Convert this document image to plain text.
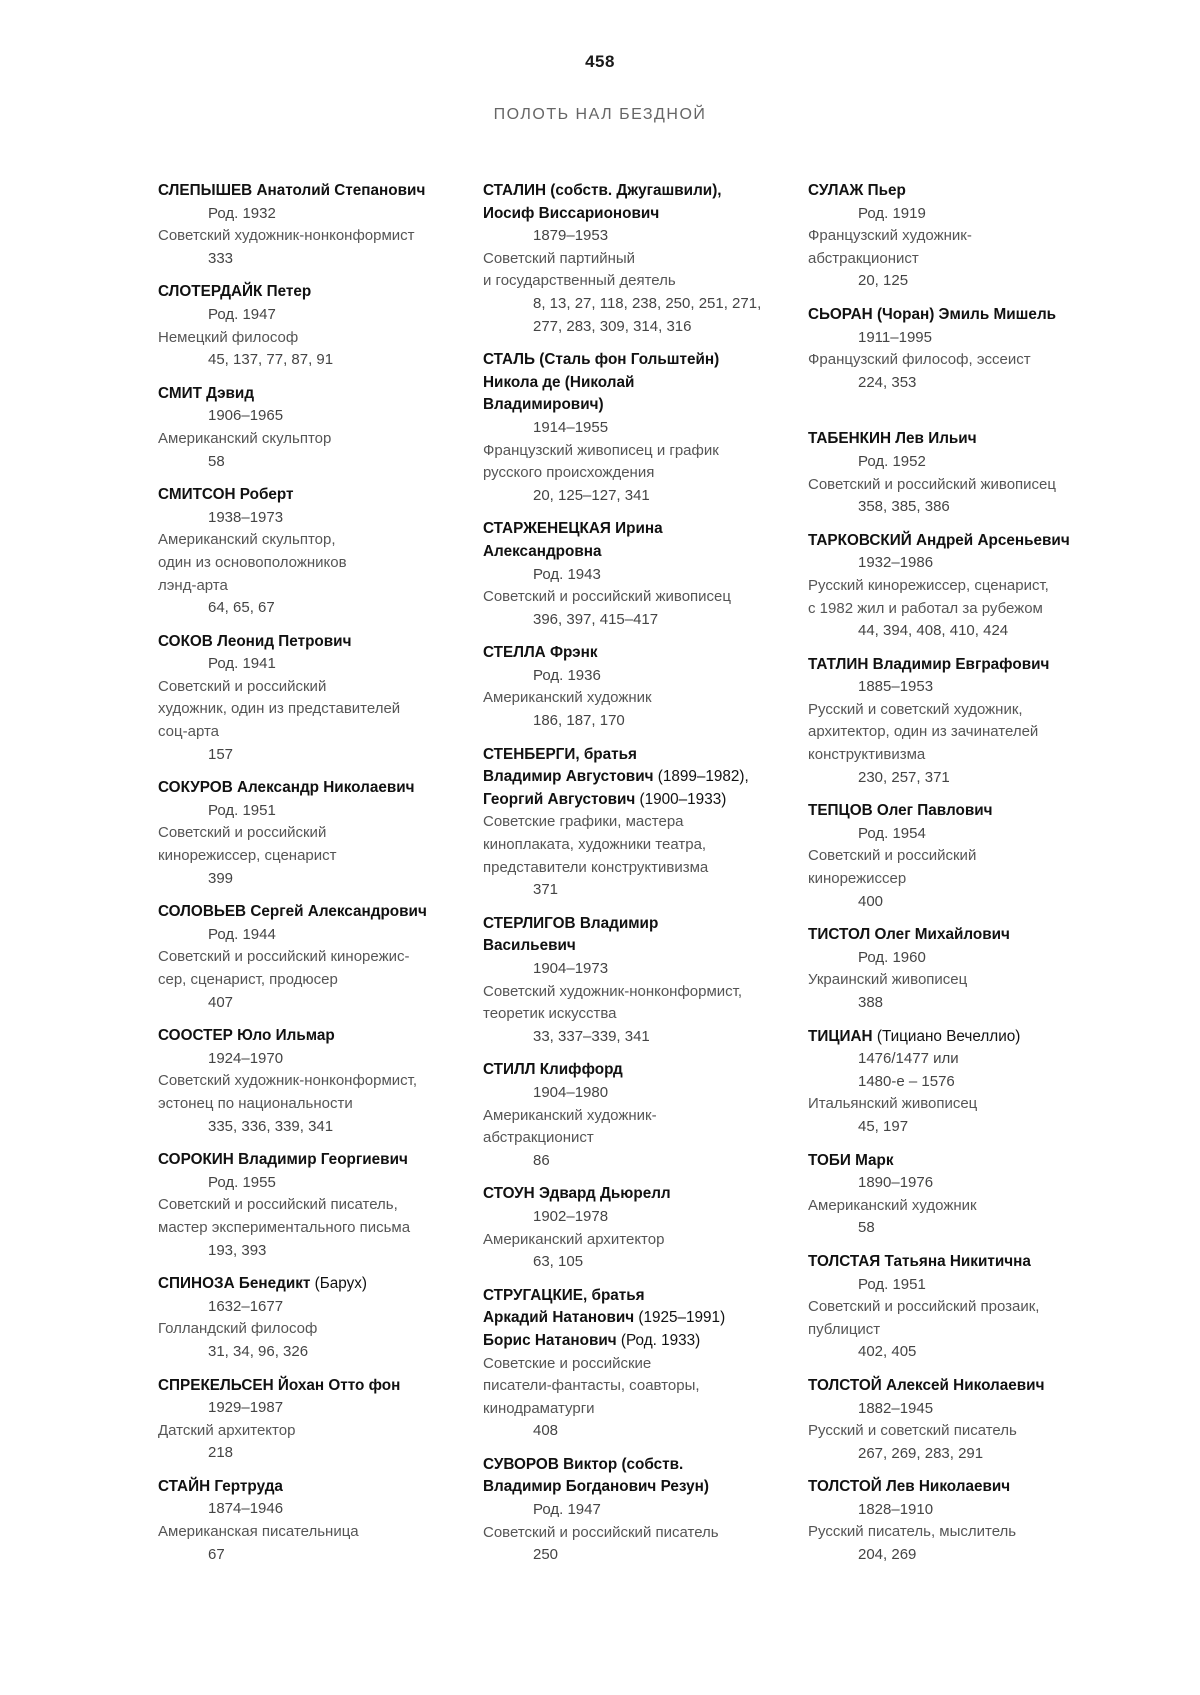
458
ПОЛОТЬ НАЛ БЕЗДНОЙ
СЛЕПЫШЕВ Анатолий Степанович
Род. 1932
Советский художник-нонконформист
333
СЛОТЕРДАЙК Петер
Род. 1947
Немецкий философ
45, 137, 77, 87, 91
СМИТ Дэвид
1906–1965
Американский скульптор
58
СМИТСОН Роберт
1938–1973
Американский скульптор,
один из основоположников
лэнд-арта
64, 65, 67
СОКОВ Леонид Петрович
Род. 1941
Советский и российский
художник, один из представителей
соц-арта
157
СОКУРОВ Александр Николаевич
Род. 1951
Советский и российский
кинорежиссер, сценарист
399
СОЛОВЬЕВ Сергей Александрович
Род. 1944
Советский и российский кинорежис-
сер, сценарист, продюсер
407
СООСТЕР Юло Ильмар
1924–1970
Советский художник-нонконформист,
эстонец по национальности
335, 336, 339, 341
СОРОКИН Владимир Георгиевич
Род. 1955
Советский и российский писатель,
мастер экспериментального письма
193, 393
СПИНОЗА Бенедикт (Барух)
1632–1677
Голландский философ
31, 34, 96, 326
СПРЕКЕЛЬСЕН Йохан Отто фон
1929–1987
Датский архитектор
218
СТАЙН Гертруда
1874–1946
Американская писательница
67
СТАЛИН (собств. Джугашвили),
Иосиф Виссарионович
1879–1953
Советский партийный
и государственный деятель
8, 13, 27, 118, 238, 250, 251, 271,
277, 283, 309, 314, 316
СТАЛЬ (Сталь фон Гольштейн)
Никола де (Николай
Владимирович)
1914–1955
Французский живописец и график
русского происхождения
20, 125–127, 341
СТАРЖЕНЕЦКАЯ Ирина
Александровна
Род. 1943
Советский и российский живописец
396, 397, 415–417
СТЕЛЛА Фрэнк
Род. 1936
Американский художник
186, 187, 170
СТЕНБЕРГИ, братья
Владимир Августович (1899–1982),
Георгий Августович (1900–1933)
Советские графики, мастера
киноплаката, художники театра,
представители конструктивизма
371
СТЕРЛИГОВ Владимир
Васильевич
1904–1973
Советский художник-нонконформист,
теоретик искусства
33, 337–339, 341
СТИЛЛ Клиффорд
1904–1980
Американский художник-
абстракционист
86
СТОУН Эдвард Дьюрелл
1902–1978
Американский архитектор
63, 105
СТРУГАЦКИЕ, братья
Аркадий Натанович (1925–1991)
Борис Натанович (Род. 1933)
Советские и российские
писатели-фантасты, соавторы,
кинодраматурги
408
СУВОРОВ Виктор (собств.
Владимир Богданович Резун)
Род. 1947
Советский и российский писатель
250
СУЛАЖ Пьер
Род. 1919
Французский художник-
абстракционист
20, 125
СЬОРАН (Чоран) Эмиль Мишель
1911–1995
Французский философ, эссеист
224, 353
ТАБЕНКИН Лев Ильич
Род. 1952
Советский и российский живописец
358, 385, 386
ТАРКОВСКИЙ Андрей Арсеньевич
1932–1986
Русский кинорежиссер, сценарист,
с 1982 жил и работал за рубежом
44, 394, 408, 410, 424
ТАТЛИН Владимир Евграфович
1885–1953
Русский и советский художник,
архитектор, один из зачинателей
конструктивизма
230, 257, 371
ТЕПЦОВ Олег Павлович
Род. 1954
Советский и российский
кинорежиссер
400
ТИСТОЛ Олег Михайлович
Род. 1960
Украинский живописец
388
ТИЦИАН (Тициано Вечеллио)
1476/1477 или
1480-е – 1576
Итальянский живописец
45, 197
ТОБИ Марк
1890–1976
Американский художник
58
ТОЛСТАЯ Татьяна Никитична
Род. 1951
Советский и российский прозаик,
публицист
402, 405
ТОЛСТОЙ Алексей Николаевич
1882–1945
Русский и советский писатель
267, 269, 283, 291
ТОЛСТОЙ Лев Николаевич
1828–1910
Русский писатель, мыслитель
204, 269
